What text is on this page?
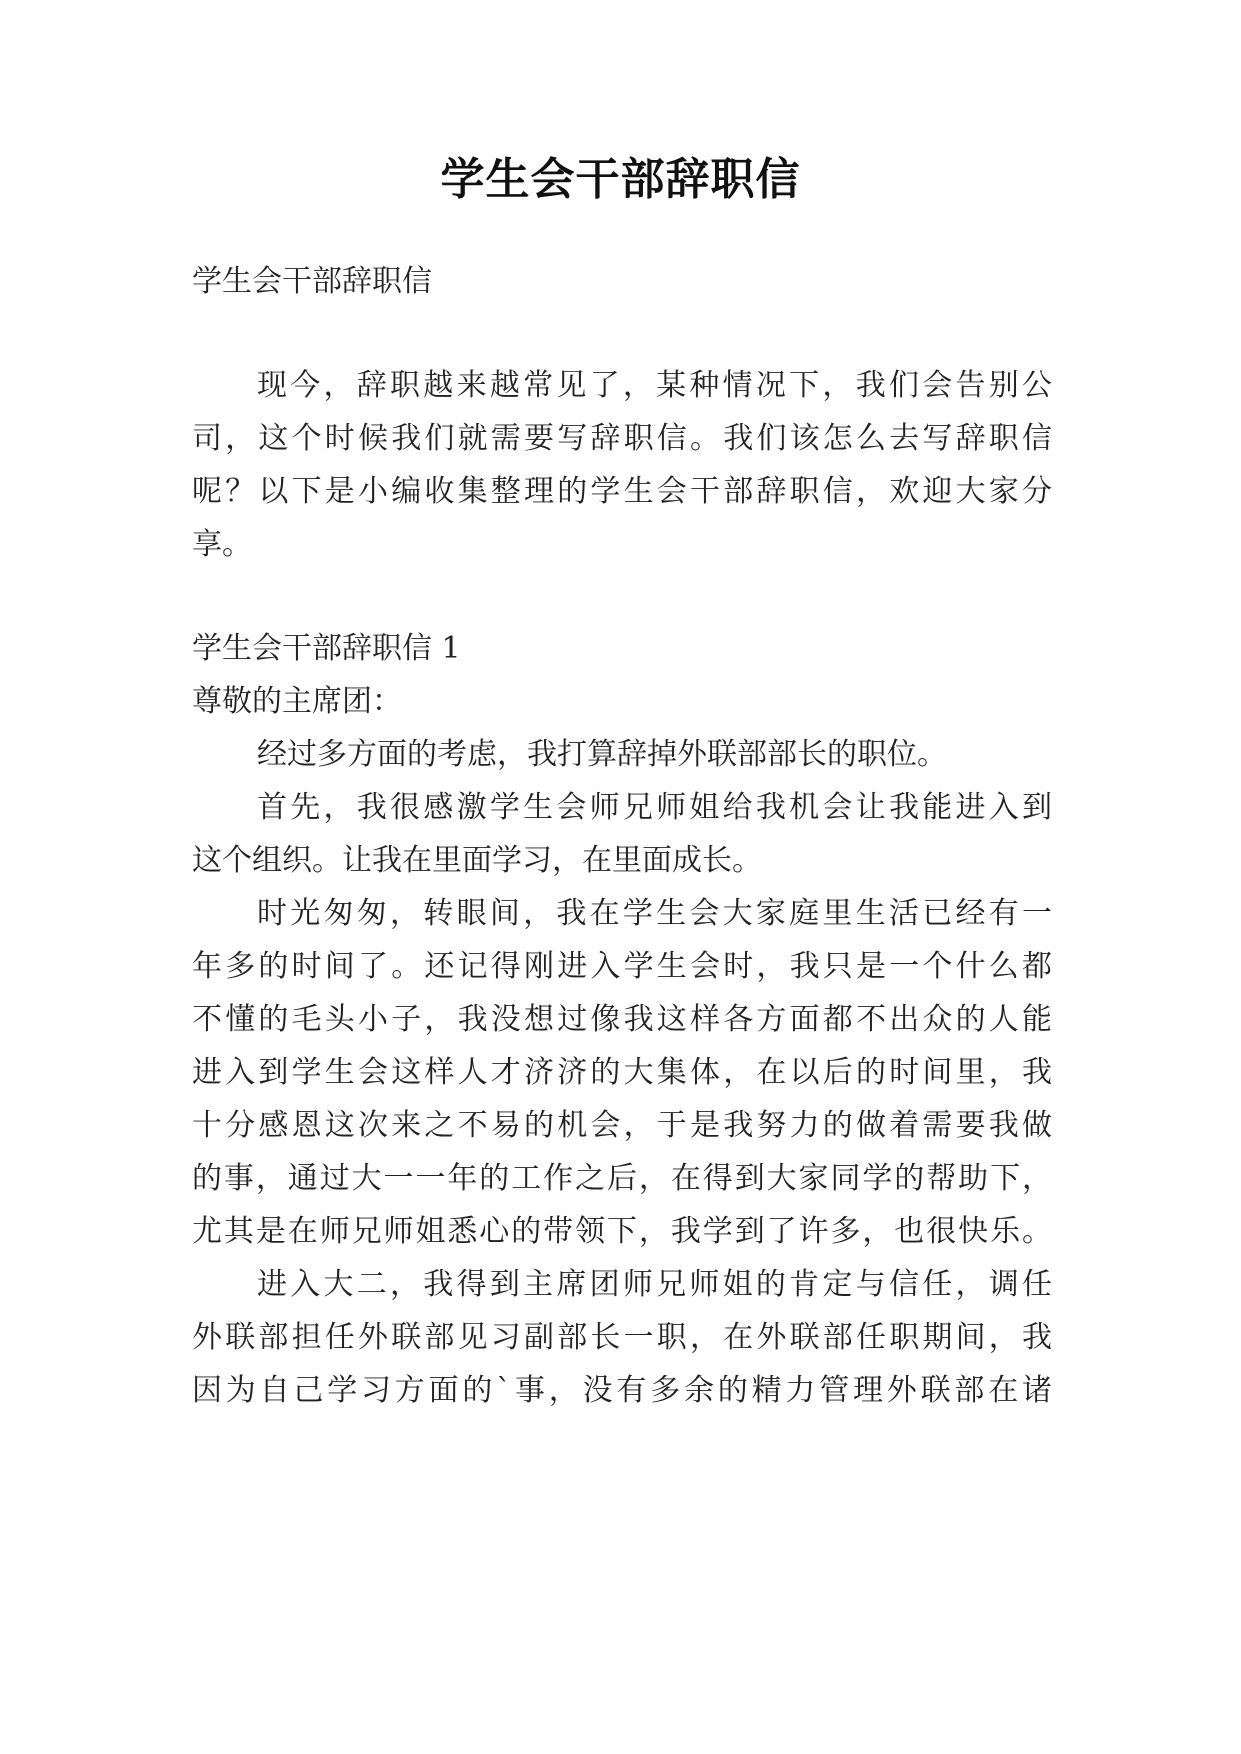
学生会干部辞职信
学生会干部辞职信
现今，辞职越来越常见了，某种情况下，我们会告别公
司，这个时候我们就需要写辞职信。我们该怎么去写辞职信
呢？以下是小编收集整理的学生会干部辞职信，欢迎大家分
享。
学生会干部辞职信 1
尊敬的主席团：
经过多方面的考虑，我打算辞掉外联部部长的职位。
首先，我很感激学生会师兄师姐给我机会让我能进入到
这个组织。让我在里面学习，在里面成长。
时光匆匆，转眼间，我在学生会大家庭里生活已经有一
年多的时间了。还记得刚进入学生会时，我只是一个什么都
不懂的毛头小子，我没想过像我这样各方面都不出众的人能
进入到学生会这样人才济济的大集体，在以后的时间里，我
十分感恩这次来之不易的机会，于是我努力的做着需要我做
的事，通过大一一年的工作之后，在得到大家同学的帮助下，
尤其是在师兄师姐悉心的带领下，我学到了许多，也很快乐。
进入大二，我得到主席团师兄师姐的肯定与信任，调任
外联部担任外联部见习副部长一职，在外联部任职期间，我
因为自己学习方面的`事，没有多余的精力管理外联部在诸
